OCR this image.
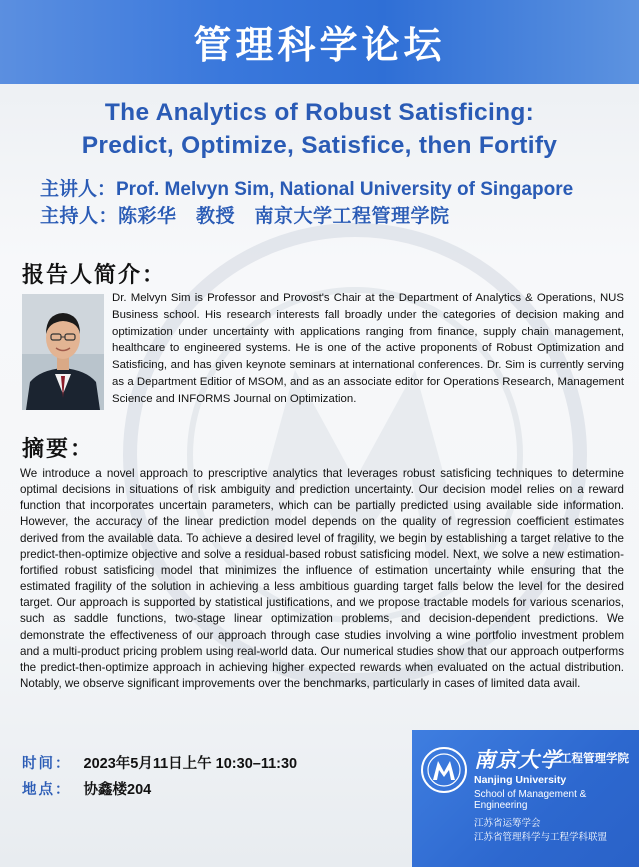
管理科学论坛
The Analytics of Robust Satisficing:
Predict, Optimize, Satisfice, then Fortify
主讲人：Prof. Melvyn Sim, National University of Singapore
主持人：陈彩华　教授　南京大学工程管理学院
报告人简介：
Dr. Melvyn Sim is Professor and Provost's Chair at the Department of Analytics & Operations, NUS Business school. His research interests fall broadly under the categories of decision making and optimization under uncertainty with applications ranging from finance, supply chain management, healthcare to engineered systems. He is one of the active proponents of Robust Optimization and Satisficing, and has given keynote seminars at international conferences. Dr. Sim is currently serving as a Department Editior of MSOM, and as an associate editor for Operations Research, Management Science and INFORMS Journal on Optimization.
摘要：
We introduce a novel approach to prescriptive analytics that leverages robust satisficing techniques to determine optimal decisions in situations of risk ambiguity and prediction uncertainty. Our decision model relies on a reward function that incorporates uncertain parameters, which can be partially predicted using available side information. However, the accuracy of the linear prediction model depends on the quality of regression coefficient estimates derived from the available data. To achieve a desired level of fragility, we begin by establishing a target relative to the predict-then-optimize objective and solve a residual-based robust satisficing model. Next, we solve a new estimation-fortified robust satisficing model that minimizes the influence of estimation uncertainty while ensuring that the estimated fragility of the solution in achieving a less ambitious guarding target falls below the level for the desired target. Our approach is supported by statistical justifications, and we propose tractable models for various scenarios, such as saddle functions, two-stage linear optimization problems, and decision-dependent predictions. We demonstrate the effectiveness of our approach through case studies involving a wine portfolio investment problem and a multi-product pricing problem using real-world data. Our numerical studies show that our approach outperforms the predict-then-optimize approach in achieving higher expected rewards when evaluated on the actual distribution. Notably, we observe significant improvements over the benchmarks, particularly in cases of limited data avail.
时间： 2023年5月11日上午 10:30–11:30
地点： 协鑫楼204
南京大学
工程管理学院
Nanjing University
School of Management & Engineering
江苏省运筹学会
江苏省管理科学与工程学科联盟
